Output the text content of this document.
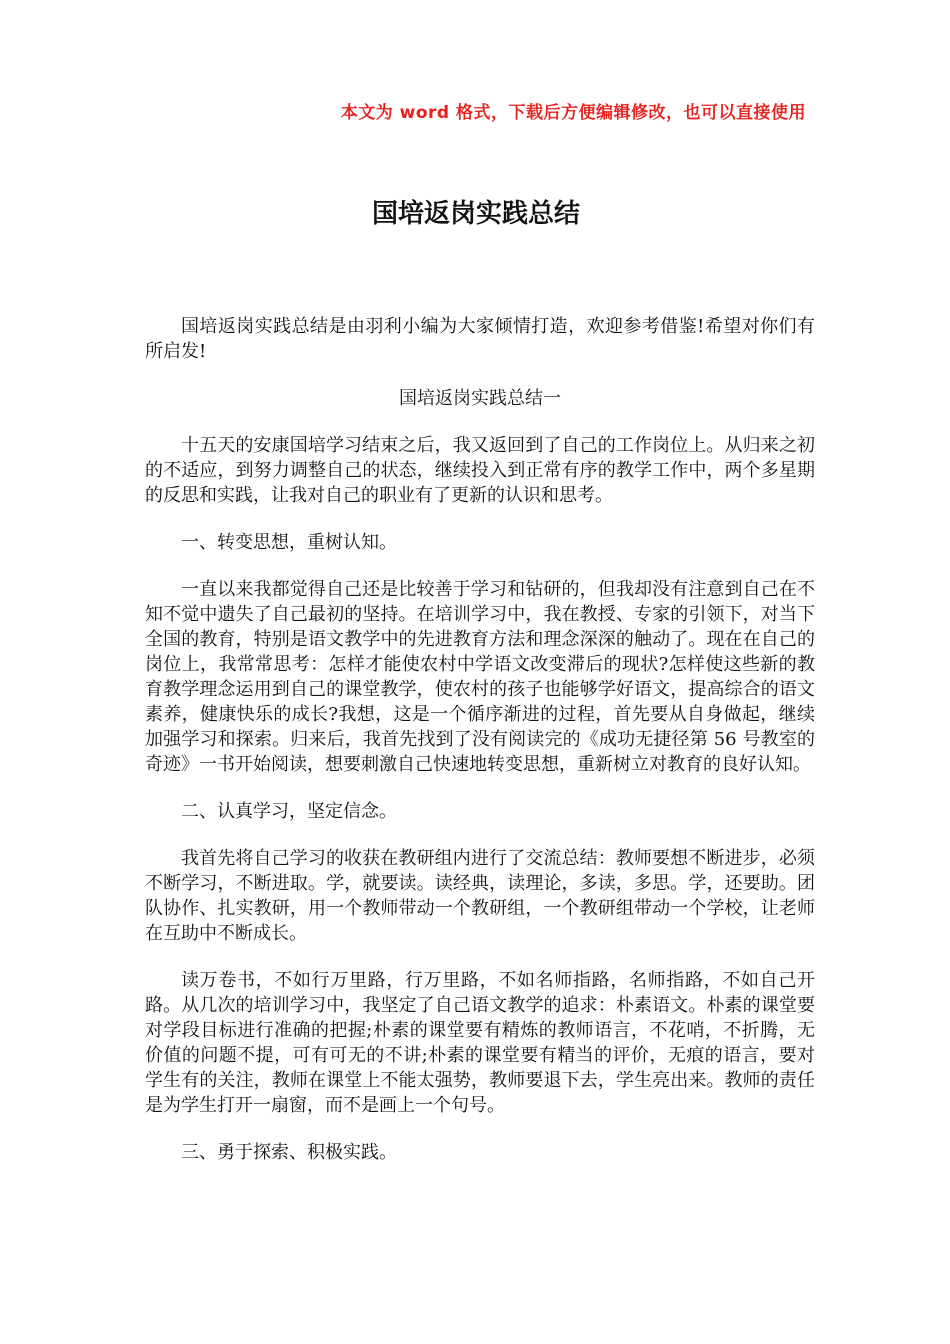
本文为 word 格式，下载后方便编辑修改，也可以直接使用
国培返岗实践总结

国培返岗实践总结是由羽利小编为大家倾情打造，欢迎参考借鉴!希望对你们有所启发!

国培返岗实践总结一

十五天的安康国培学习结束之后，我又返回到了自己的工作岗位上。从归来之初的不适应，到努力调整自己的状态，继续投入到正常有序的教学工作中，两个多星期的反思和实践，让我对自己的职业有了更新的认识和思考。

一、转变思想，重树认知。

一直以来我都觉得自己还是比较善于学习和钻研的，但我却没有注意到自己在不知不觉中遗失了自己最初的坚持。在培训学习中，我在教授、专家的引领下，对当下全国的教育，特别是语文教学中的先进教育方法和理念深深的触动了。现在在自己的岗位上，我常常思考：怎样才能使农村中学语文改变滞后的现状?怎样使这些新的教育教学理念运用到自己的课堂教学，使农村的孩子也能够学好语文，提高综合的语文素养，健康快乐的成长?我想，这是一个循序渐进的过程，首先要从自身做起，继续加强学习和探索。归来后，我首先找到了没有阅读完的《成功无捷径第 56 号教室的奇迹》一书开始阅读，想要刺激自己快速地转变思想，重新树立对教育的良好认知。

二、认真学习，坚定信念。

我首先将自己学习的收获在教研组内进行了交流总结：教师要想不断进步，必须不断学习，不断进取。学，就要读。读经典，读理论，多读，多思。学，还要助。团队协作、扎实教研，用一个教师带动一个教研组，一个教研组带动一个学校，让老师在互助中不断成长。

读万卷书，不如行万里路，行万里路，不如名师指路，名师指路，不如自己开路。从几次的培训学习中，我坚定了自己语文教学的追求：朴素语文。朴素的课堂要对学段目标进行准确的把握;朴素的课堂要有精炼的教师语言，不花哨，不折腾，无价值的问题不提，可有可无的不讲;朴素的课堂要有精当的评价，无痕的语言，要对学生有的关注，教师在课堂上不能太强势，教师要退下去，学生亮出来。教师的责任是为学生打开一扇窗，而不是画上一个句号。

三、勇于探索、积极实践。
